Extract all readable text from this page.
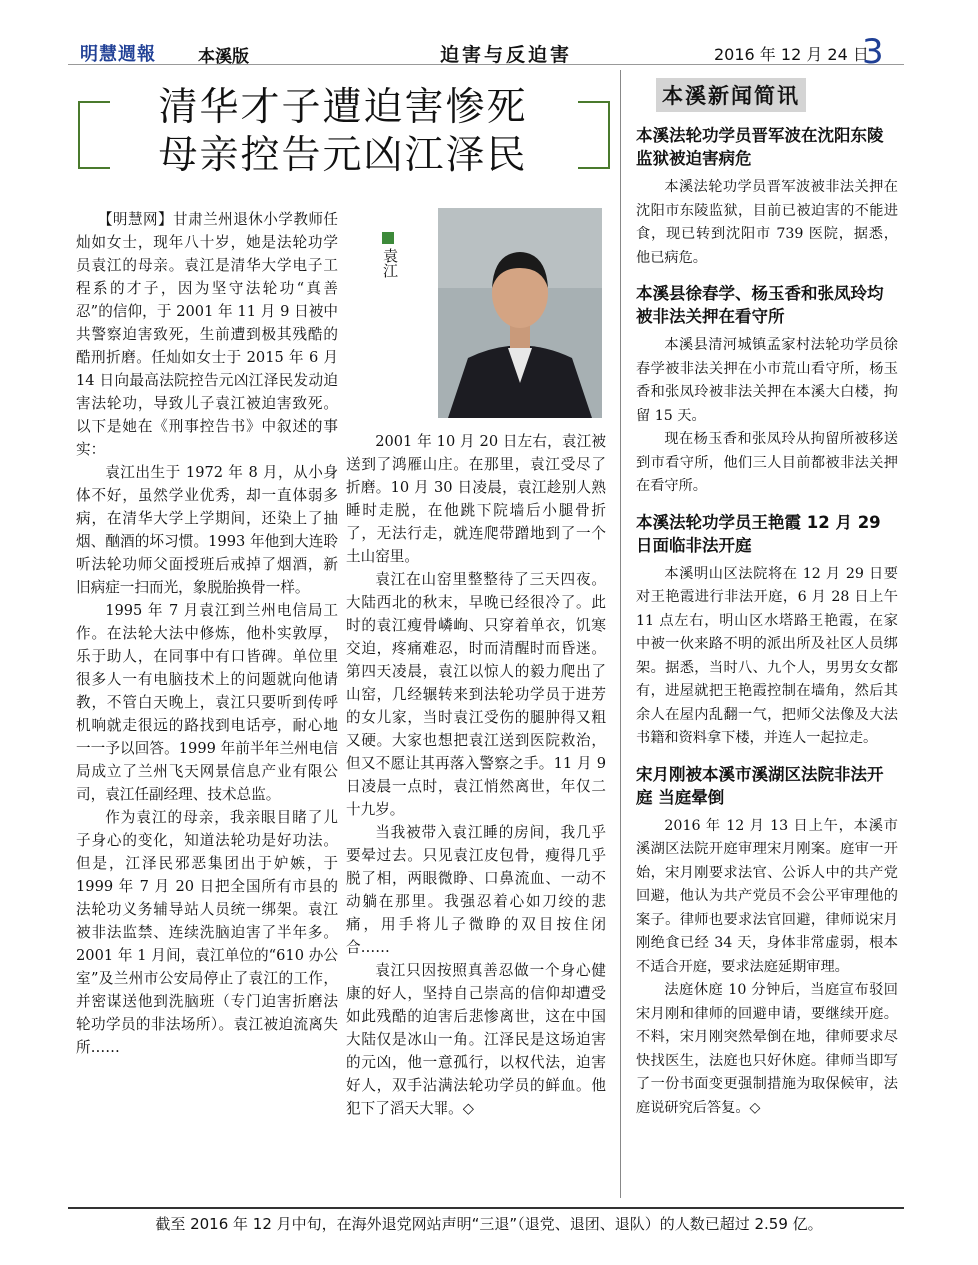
明慧週報 本溪版	迫害与反迫害	2016 年 12 月 24 日
3
清华才子遭迫害惨死
母亲控告元凶江泽民

【明慧网】甘肃兰州退休小学教师任灿如女士，现年八十岁，她是法轮功学员袁江的母亲。袁江是清华大学电子工程系的才子，因为坚守法轮功“真善忍”的信仰，于 2001 年 11 月 9 日被中共警察迫害致死，生前遭到极其残酷的酷刑折磨。任灿如女士于 2015 年 6 月 14 日向最高法院控告元凶江泽民发动迫害法轮功，导致儿子袁江被迫害致死。以下是她在《刑事控告书》中叙述的事实：

袁江出生于 1972 年 8 月，从小身体不好，虽然学业优秀，却一直体弱多病，在清华大学上学期间，还染上了抽烟、酗酒的坏习惯。1993 年他到大连聆听法轮功师父面授班后戒掉了烟酒，新旧病症一扫而光，象脱胎换骨一样。

1995 年 7 月袁江到兰州电信局工作。在法轮大法中修炼，他朴实敦厚，乐于助人，在同事中有口皆碑。单位里很多人一有电脑技术上的问题就向他请教，不管白天晚上，袁江只要听到传呼机响就走很远的路找到电话亭，耐心地一一予以回答。1999 年前半年兰州电信局成立了兰州飞天网景信息产业有限公司，袁江任副经理、技术总监。

作为袁江的母亲，我亲眼目睹了儿子身心的变化，知道法轮功是好功法。但是，江泽民邪恶集团出于妒嫉，于 1999 年 7 月 20 日把全国所有市县的法轮功义务辅导站人员统一绑架。袁江被非法监禁、连续洗脑迫害了半年多。2001 年 1 月间，袁江单位的“610 办公室”及兰州市公安局停止了袁江的工作，并密谋送他到洗脑班（专门迫害折磨法轮功学员的非法场所）。袁江被迫流离失所……

袁江

2001 年 10 月 20 日左右，袁江被送到了鸿雁山庄。在那里，袁江受尽了折磨。10 月 30 日凌晨，袁江趁别人熟睡时走脱，在他跳下院墙后小腿骨折了，无法行走，就连爬带蹭地到了一个土山窑里。

袁江在山窑里整整待了三天四夜。大陆西北的秋末，早晚已经很冷了。此时的袁江瘦骨嶙峋、只穿着单衣，饥寒交迫，疼痛难忍，时而清醒时而昏迷。第四天凌晨，袁江以惊人的毅力爬出了山窑，几经辗转来到法轮功学员于进芳的女儿家，当时袁江受伤的腿肿得又粗又硬。大家也想把袁江送到医院救治，但又不愿让其再落入警察之手。11 月 9 日凌晨一点时，袁江悄然离世，年仅二十九岁。

当我被带入袁江睡的房间，我几乎要晕过去。只见袁江皮包骨，瘦得几乎脱了相，两眼微睁、口鼻流血、一动不动躺在那里。我强忍着心如刀绞的悲痛，用手将儿子微睁的双目按住闭合……

袁江只因按照真善忍做一个身心健康的好人，坚持自己崇高的信仰却遭受如此残酷的迫害后悲惨离世，这在中国大陆仅是冰山一角。江泽民是这场迫害的元凶，他一意孤行，以权代法，迫害好人，双手沾满法轮功学员的鲜血。他犯下了滔天大罪。◇

本溪新闻简讯
本溪法轮功学员晋军波在沈阳东陵监狱被迫害病危

本溪法轮功学员晋军波被非法关押在沈阳市东陵监狱，目前已被迫害的不能进食，现已转到沈阳市 739 医院，据悉，他已病危。

本溪县徐春学、杨玉香和张凤玲均被非法关押在看守所

本溪县清河城镇孟家村法轮功学员徐春学被非法关押在小市荒山看守所，杨玉香和张凤玲被非法关押在本溪大白楼，拘留 15 天。

现在杨玉香和张凤玲从拘留所被移送到市看守所，他们三人目前都被非法关押在看守所。

本溪法轮功学员王艳霞 12 月 29 日面临非法开庭

本溪明山区法院将在 12 月 29 日要对王艳霞进行非法开庭，6 月 28 日上午 11 点左右，明山区水塔路王艳霞，在家中被一伙来路不明的派出所及社区人员绑架。据悉，当时八、九个人，男男女女都有，进屋就把王艳霞控制在墙角，然后其余人在屋内乱翻一气，把师父法像及大法书籍和资料拿下楼，并连人一起拉走。

宋月刚被本溪市溪湖区法院非法开庭 当庭晕倒

2016 年 12 月 13 日上午，本溪市溪湖区法院开庭审理宋月刚案。庭审一开始，宋月刚要求法官、公诉人中的共产党回避，他认为共产党员不会公平审理他的案子。律师也要求法官回避，律师说宋月刚绝食已经 34 天，身体非常虚弱，根本不适合开庭，要求法庭延期审理。

法庭休庭 10 分钟后，当庭宣布驳回宋月刚和律师的回避申请，要继续开庭。不料，宋月刚突然晕倒在地，律师要求尽快找医生，法庭也只好休庭。律师当即写了一份书面变更强制措施为取保候审，法庭说研究后答复。◇

截至 2016 年 12 月中旬，在海外退党网站声明“三退”（退党、退团、退队）的人数已超过 2.59 亿。
